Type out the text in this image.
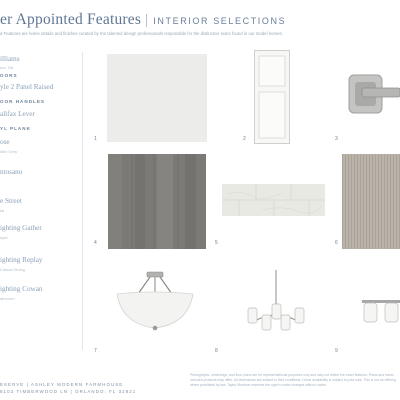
er Appointed Features | INTERIOR SELECTIONS
d Features are home details and finishes curated by the talented design professionals responsible for the distinctive looks found in our model homes.
illiams
ecc Tall
OORS
yle 2 Panel Raised
OOR HANDLES
alifax Lever
YL PLANK
ose
Mile Grey
ntosano
e Street
tal
ighting Gather
ayer
ighting Replay
Casual Dining
ighting Cowan
athroom
1	2	3
4	5	6
7	8	9
ESERVE | ASHLEY MODERN FARMHOUSE
8103 TIMBERWOOD LN | ORLANDO, FL 32821
Photographs, renderings, and floor plans are for representational purposes only and may not reflect the exact features. Plans and home-included products may differ. All dimensions are subject to field conditions. Home availability is subject to prior sale. This is not an offering where prohibited by law. Taylor Morrison reserves the right to make changes without notice.
